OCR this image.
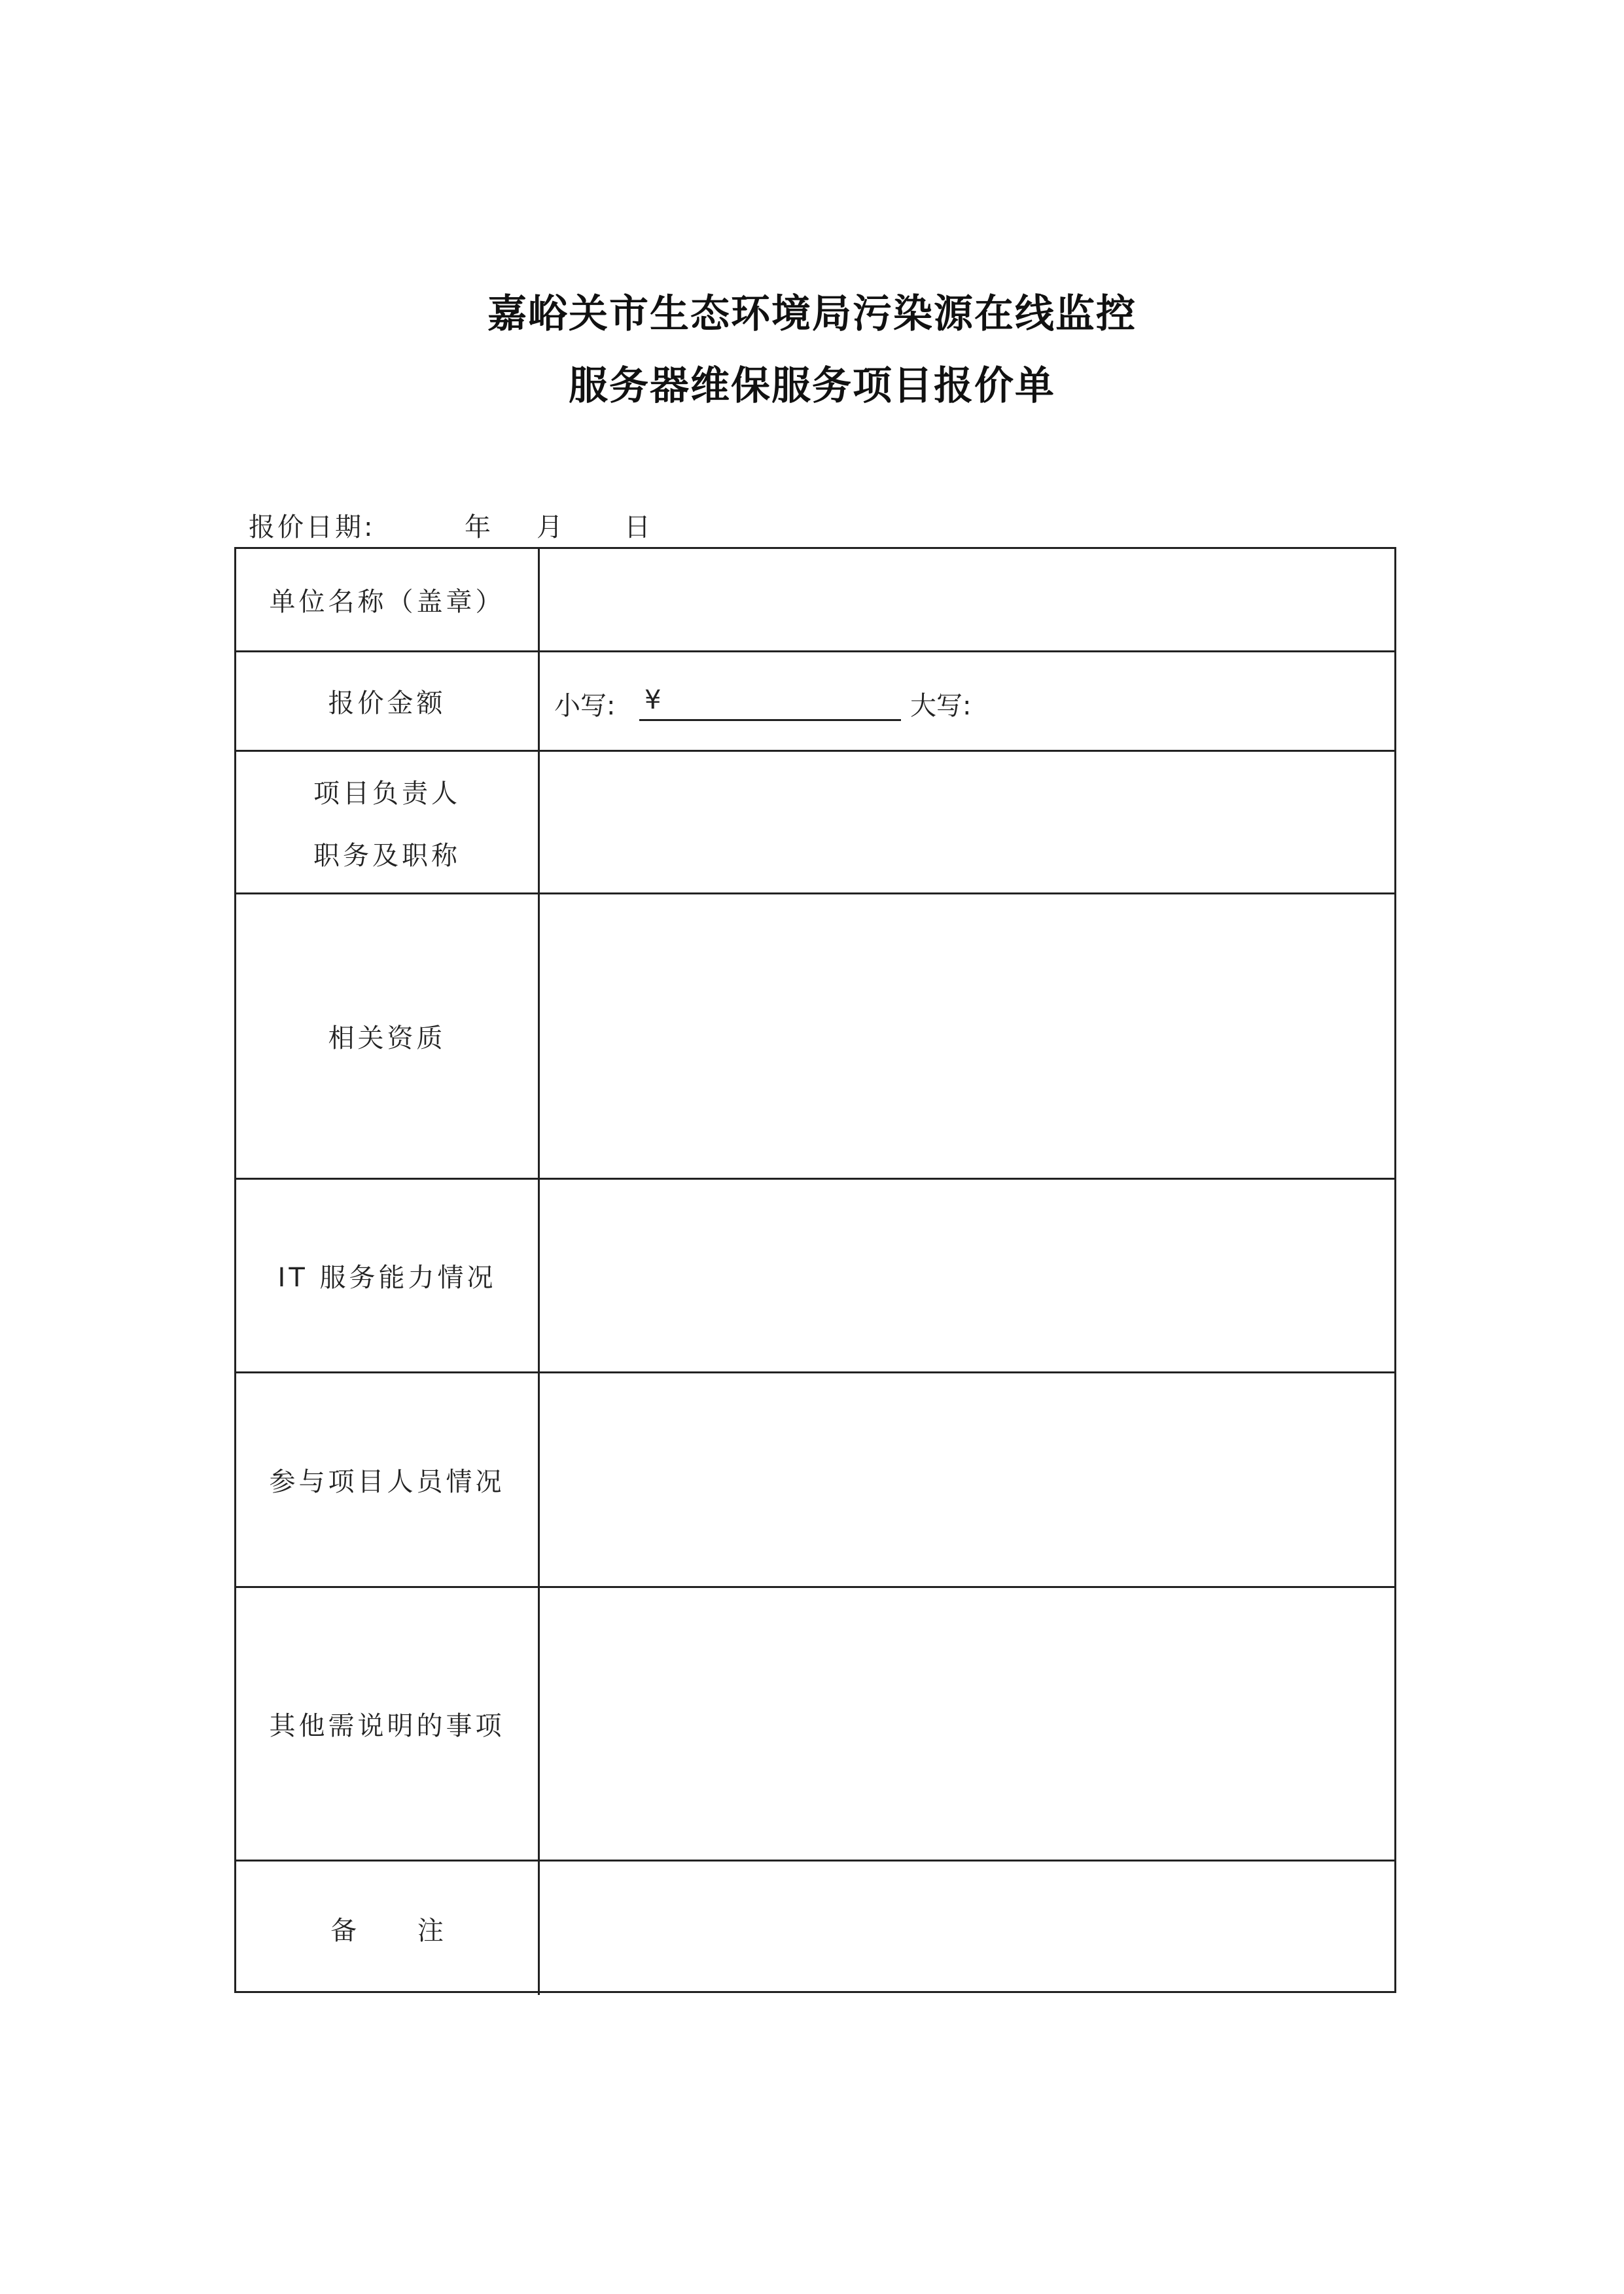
嘉峪关市生态环境局污染源在线监控
服务器维保服务项目报价单
报价日期:	年 月 日
单位名称（盖章）
报价金额	小写: ¥	大写:
项目负责人
职务及职称
相关资质
IT 服务能力情况
参与项目人员情况
其他需说明的事项
备 注
